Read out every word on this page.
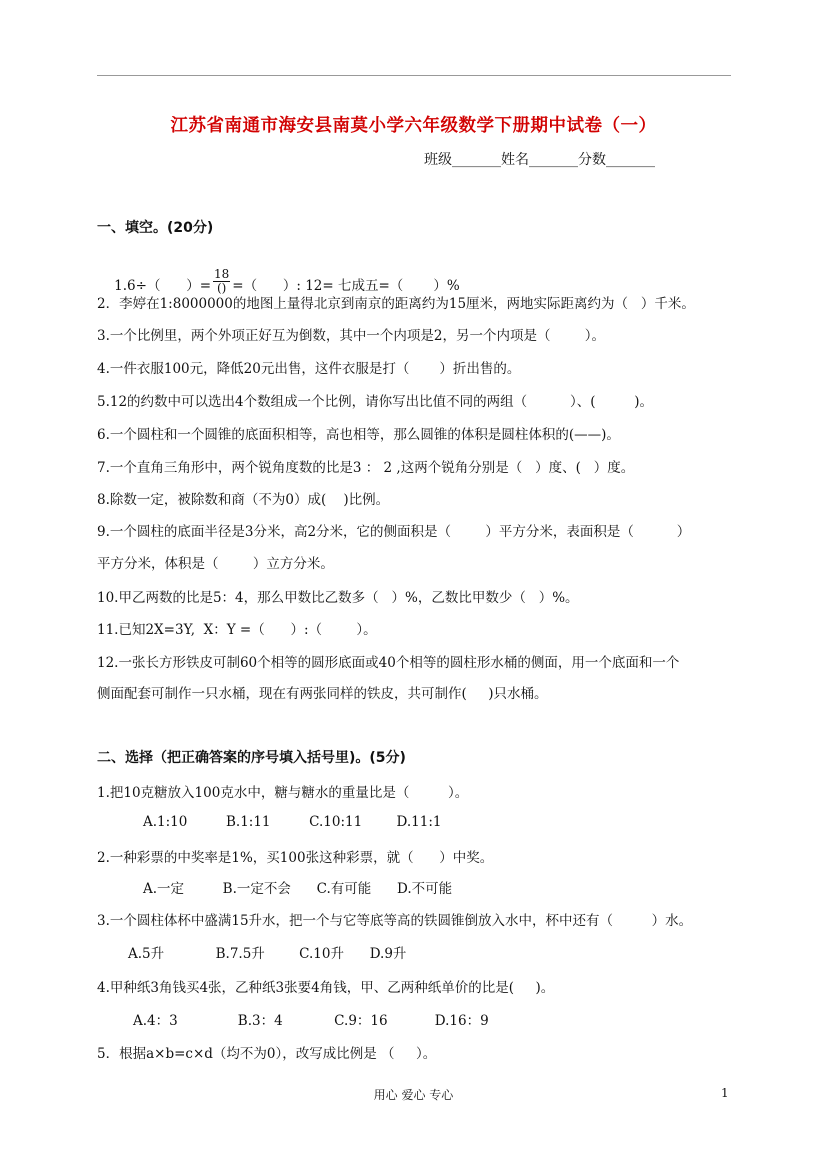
江苏省南通市海安县南莫小学六年级数学下册期中试卷（一）
班级_______姓名_______分数_______
一、填空。(20分)

1.6÷（      ）= $\frac{18}{()}$ =（      ）: 12= 七成五=（       ）%

2．李婷在1:8000000的地图上量得北京到南京的距离约为15厘米，两地实际距离约为（   ）千米。
3.一个比例里，两个外项正好互为倒数，其中一个内项是2，另一个内项是（        ）。
4.一件衣服100元，降低20元出售，这件衣服是打（       ）折出售的。
5.12的约数中可以选出4个数组成一个比例，请你写出比值不同的两组（          ）、(         )。
6.一个圆柱和一个圆锥的底面积相等，高也相等，那么圆锥的体积是圆柱体积的(——)。
7.一个直角三角形中，两个锐角度数的比是3 ： 2 ,这两个锐角分别是（   ）度、(   ）度。
8.除数一定，被除数和商（不为0）成(    )比例。
9.一个圆柱的底面半径是3分米，高2分米，它的侧面积是（        ）平方分米，表面积是（          ）
平方分米，体积是（        ）立方分米。
10.甲乙两数的比是5：4，那么甲数比乙数多（   ）%，乙数比甲数少（   ）%。
11.已知2X=3Y,  X：Y =（      ）:（        ）。
12.一张长方形铁皮可制60个相等的圆形底面或40个相等的圆柱形水桶的侧面，用一个底面和一个
侧面配套可制作一只水桶，现在有两张同样的铁皮，共可制作(     )只水桶。
二、选择（把正确答案的序号填入括号里)。(5分)
1.把10克糖放入100克水中，糖与糖水的重量比是（         ）。
A.1:10         B.1:11         C.10:11        D.11:1
2.一种彩票的中奖率是1%，买100张这种彩票，就（      ）中奖。
A.一定         B.一定不会      C.有可能      D.不可能
3.一个圆柱体杯中盛满15升水，把一个与它等底等高的铁圆锥倒放入水中，杯中还有（         ）水。
A.5升            B.7.5升        C.10升      D.9升
4.甲种纸3角钱买4张，乙种纸3张要4角钱，甲、乙两种纸单价的比是(     )。
A.4：3              B.3：4            C.9：16           D.16：9
5．根据a×b=c×d（均不为0），改写成比例是 （     ）。
用心 爱心 专心	1
